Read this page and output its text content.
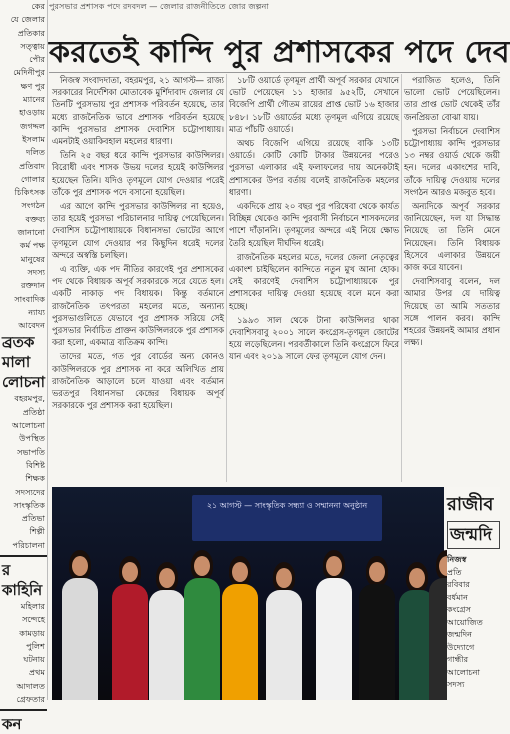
কের
যে জেলার
প্রতিকার
সত্ত্বায়
পৌর
মেদিনীপুর
ক্ষণ পুর
ম্যানের
হাওড়ায়
জগদ্দল
ইসলাম
দলিত
প্রতিবাদ
গোলার
চিকিৎসক
সংগঠন
বক্তব্য
জানানো
কর্ম পক্ষ
মানুষের
সদস্য
রক্তদান
সাংবাদিক
ন্যায্য
আবেদন
ব্রতক
মালা
লোচনা
বহরমপুর,
প্রতিষ্ঠা
আলোচনা
উপস্থিত
সভাপতি
বিশিষ্ট
শিক্ষক
সদস্যদের
সাংস্কৃতিক
প্রতিভা
শিল্পী
পরিচালনা
র
কাহিনি
মহিলার
সন্দেহে
কামড়ায়
পুলিশ
ঘটনায়
প্রথম
আদালত
গ্রেফতার
কন
পুরসভার প্রশাসক পদে রদবদল — জেলার রাজনীতিতে জোর জল্পনা
করতেই কান্দি পুর প্রশাসকের পদে দেব

নিজস্ব সংবাদদাতা, বহরমপুর, ২১ আগস্ট— রাজ্য সরকারের নির্দেশিকা মোতাবেক মুর্শিদাবাদ জেলার যে তিনটি পুরসভায় পুর প্রশাসক পরিবর্তন হয়েছে, তার মধ্যে রাজনৈতিক ভাবে প্রশাসক পরিবর্তন হয়েছে কান্দি পুরসভার প্রশাসক দেবাশিস চট্টোপাধ্যায়। এমনটাই ওয়াকিবহাল মহলের ধারণা।

তিনি ২৫ বছর ধরে কান্দি পুরসভার কাউন্সিলর। বিরোধী এবং শাসক উভয় দলের হয়েই কাউন্সিলর হয়েছেন তিনি। যদিও তৃণমূলে যোগ দেওয়ার পরেই তাঁকে পুর প্রশাসক পদে বসানো হয়েছিল।

এর আগে কান্দি পুরসভার কাউন্সিলর না হয়েও, তার হয়েই পুরসভা পরিচালনার দায়িত্ব পেয়েছিলেন। দেবাশিস চট্টোপাধ্যায়কে বিধানসভা ভোটের আগে তৃণমূলে যোগ দেওয়ার পর কিছুদিন ধরেই দলের অন্দরে অস্বস্তি চলছিল।

এ ব্যক্তি, এক পদ নীতির কারণেই পুর প্রশাসকের পদ থেকে বিধায়ক অপূর্ব সরকারকে সরে যেতে হল। একটি নাকাড় পদ বিধায়ক। কিন্তু বর্তমানে রাজনৈতিক তৎপরতা মহলের মতে, অন্যান্য পুরসভাগুলিতে যেভাবে পুর প্রশাসক সরিয়ে সেই পুরসভার নির্বাচিত প্রাক্তন কাউন্সিলরকে পুর প্রশাসক করা হলো, একমাত্র ব্যতিক্রম কান্দি।

তাদের মতে, গত পুর বোর্ডের অন্য কোনও কাউন্সিলরকে পুর প্রশাসক না করে অলিখিত প্রায় রাজনৈতিক আড়ালে চলে যাওয়া এবং বর্তমান ভরতপুর বিধানসভা কেন্দ্রের বিধায়ক অপূর্ব সরকারকে পুর প্রশাসক করা হয়েছিল।

১৮টি ওয়ার্ডে তৃণমূল প্রার্থী অপূর্ব সরকার যেখানে ভোট পেয়েছেন ১১ হাজার ৯৫২টি, সেখানে বিজেপি প্রার্থী গৌতম রায়ের প্রাপ্ত ভোট ১৬ হাজার ৮৪৮। ১৮টি ওয়ার্ডের মধ্যে তৃণমূল এগিয়ে রয়েছে মাত্র পাঁচটি ওয়ার্ডে।

অথচ বিজেপি এগিয়ে রয়েছে বাকি ১৩টি ওয়ার্ডে। কোটি কোটি টাকার উন্নয়নের পরেও পুরসভা এলাকার এই ফলাফলের দায় অনেকটাই প্রশাসকের উপর বর্তায় বলেই রাজনৈতিক মহলের ধারণা।

একদিকে প্রায় ২০ বছর পুর পরিষেবা থেকে কার্যত বিচ্ছিন্ন থেকেও কান্দি পুরবাসী নির্বাচনে শাসকদলের পাশে দাঁড়াননি। তৃণমূলের অন্দরে এই নিয়ে ক্ষোভ তৈরি হয়েছিল দীর্ঘদিন ধরেই।

রাজনৈতিক মহলের মতে, দলের জেলা নেতৃত্বের একাংশ চাইছিলেন কান্দিতে নতুন মুখ আনা হোক। সেই কারণেই দেবাশিস চট্টোপাধ্যায়কে পুর প্রশাসকের দায়িত্ব দেওয়া হয়েছে বলে মনে করা হচ্ছে।

১৯৯৩ সাল থেকে টানা কাউন্সিলর থাকা দেবাশিসবাবু ২০০১ সালে কংগ্রেস-তৃণমূল জোটের হয়ে লড়েছিলেন। পরবর্তীকালে তিনি কংগ্রেসে ফিরে যান এবং ২০১৯ সালে ফের তৃণমূলে যোগ দেন।

পরাজিত হলেও, তিনি ভালো ভোট পেয়েছিলেন। তার প্রাপ্ত ভোট থেকেই তাঁর জনপ্রিয়তা বোঝা যায়।

পুরসভা নির্বাচনে দেবাশিস চট্টোপাধ্যায় কান্দি পুরসভার ১৩ নম্বর ওয়ার্ড থেকে জয়ী হন। দলের একাংশের দাবি, তাঁকে দায়িত্ব দেওয়ায় দলের সংগঠন আরও মজবুত হবে।

অন্যদিকে অপূর্ব সরকার জানিয়েছেন, দল যা সিদ্ধান্ত নিয়েছে তা তিনি মেনে নিয়েছেন। তিনি বিধায়ক হিসেবে এলাকার উন্নয়নে কাজ করে যাবেন।

দেবাশিসবাবু বলেন, দল আমার উপর যে দায়িত্ব দিয়েছে তা আমি সততার সঙ্গে পালন করব। কান্দি শহরের উন্নয়নই আমার প্রধান লক্ষ্য।

২১ আগস্ট — সাংস্কৃতিক সন্ধ্যা ও সম্মাননা অনুষ্ঠান	রাজীব
জন্মদি
নিজস্ব
প্রতি
রবিবার
বর্ধমান
কংগ্রেস
আয়োজিত
জন্মদিন
উদ্যোগে
গান্ধীর
আলোচনা
সদস্য
